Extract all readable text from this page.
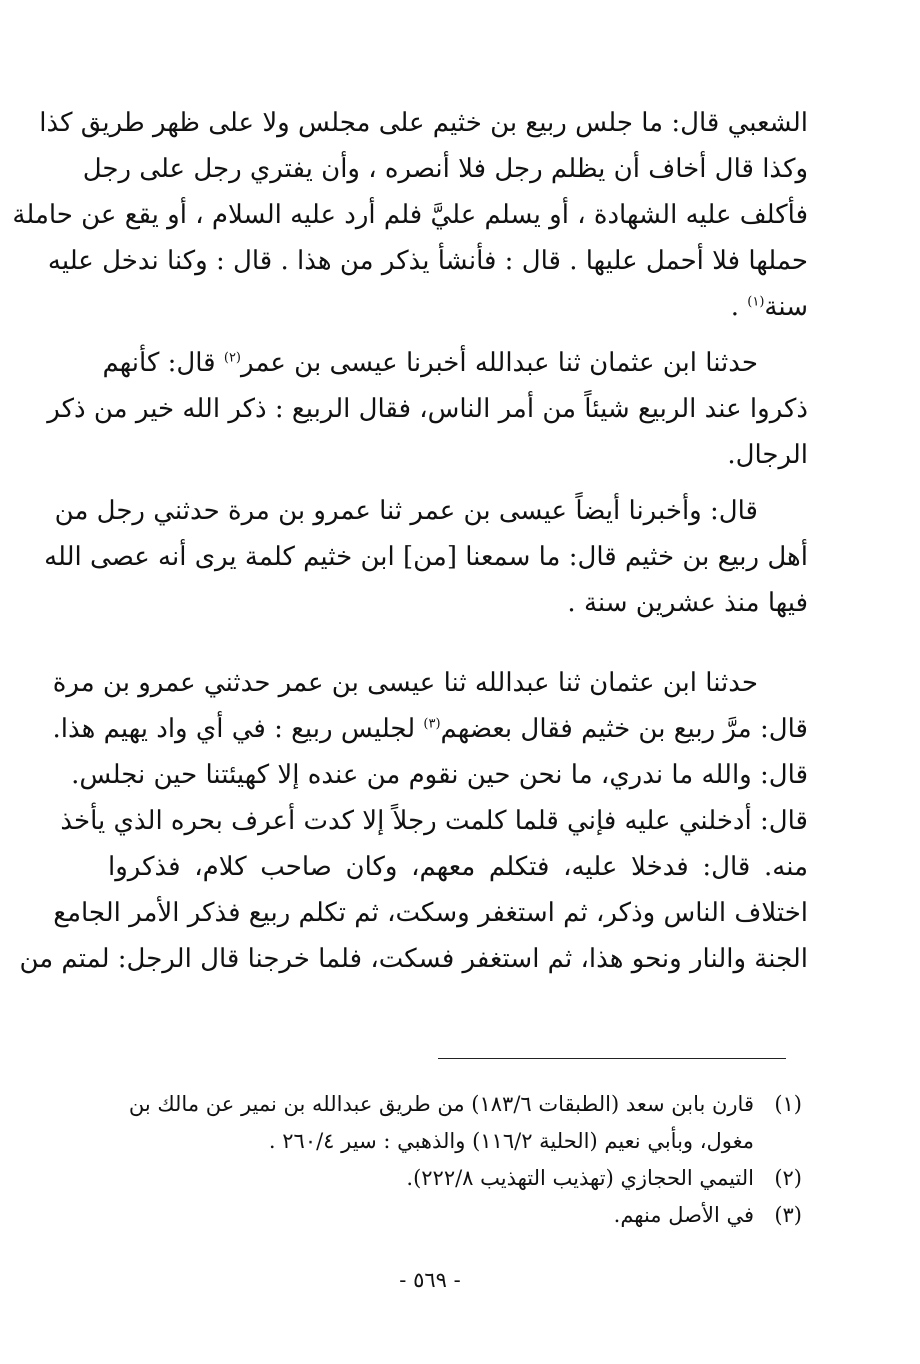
الشعبي قال: ما جلس ربيع بن خثيم على مجلس ولا على ظهر طريق كذا
وكذا قال أخاف أن يظلم رجل فلا أنصره ، وأن يفتري رجل على رجل
فأكلف عليه الشهادة ، أو يسلم عليَّ فلم أرد عليه السلام ، أو يقع عن حاملة
حملها فلا أحمل عليها . قال : فأنشأ يذكر من هذا . قال : وكنا ندخل عليه
سنة$^{(١)}$ .

حدثنا ابن عثمان ثنا عبدالله أخبرنا عيسى بن عمر$^{(٢)}$ قال: كأنهم
ذكروا عند الربيع شيئاً من أمر الناس، فقال الربيع : ذكر الله خير من ذكر
الرجال.

قال: وأخبرنا أيضاً عيسى بن عمر ثنا عمرو بن مرة حدثني رجل من
أهل ربيع بن خثيم قال: ما سمعنا [من] ابن خثيم كلمة يرى أنه عصى الله
فيها منذ عشرين سنة .

حدثنا ابن عثمان ثنا عبدالله ثنا عيسى بن عمر حدثني عمرو بن مرة
قال: مرَّ ربيع بن خثيم فقال بعضهم$^{(٣)}$ لجليس ربيع : في أي واد يهيم هذا.
قال: والله ما ندري، ما نحن حين نقوم من عنده إلا كهيئتنا حين نجلس.
قال: أدخلني عليه فإني قلما كلمت رجلاً إلا كدت أعرف بحره الذي يأخذ
منه. قال: فدخلا عليه، فتكلم معهم، وكان صاحب كلام، فذكروا
اختلاف الناس وذكر، ثم استغفر وسكت، ثم تكلم ربيع فذكر الأمر الجامع
الجنة والنار ونحو هذا، ثم استغفر فسكت، فلما خرجنا قال الرجل: لمتم من

(١)قارن بابن سعد (الطبقات ١٨٣/٦) من طريق عبدالله بن نمير عن مالك بن
مغول، وبأبي نعيم (الحلية ١١٦/٢) والذهبي : سير ٢٦٠/٤ .
(٢)التيمي الحجازي (تهذيب التهذيب ٢٢٢/٨).
(٣)في الأصل منهم.
- ٥٦٩ -
